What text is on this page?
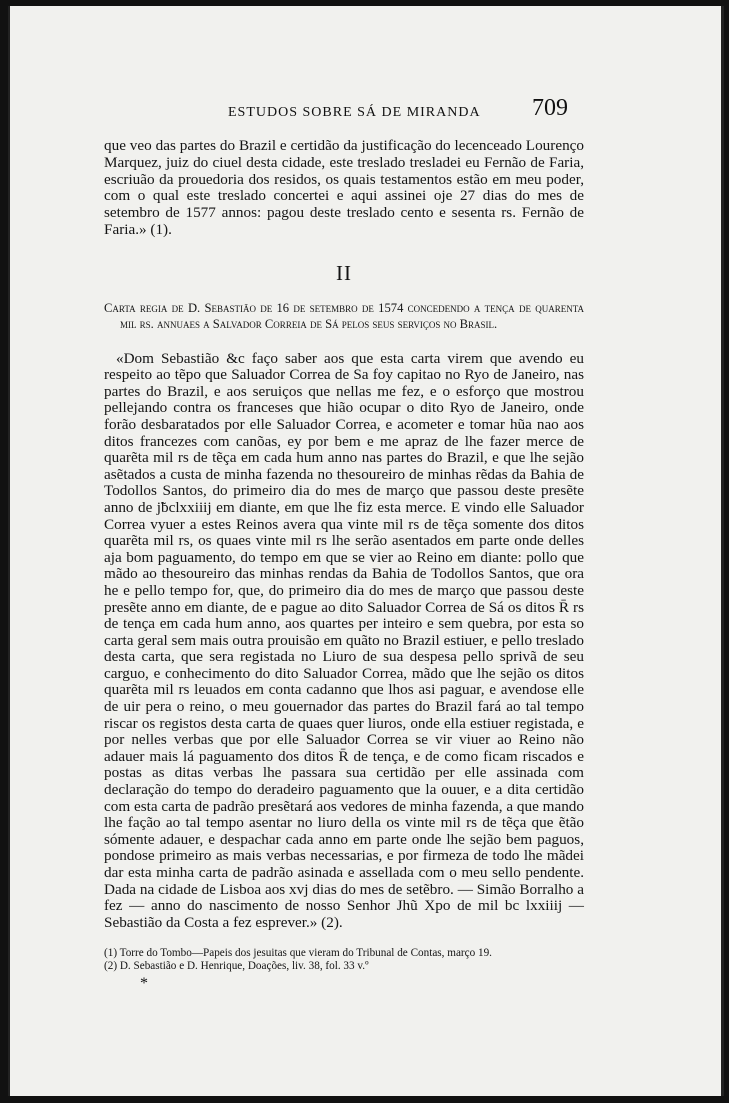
ESTUDOS SOBRE SÁ DE MIRANDA 709

que veo das partes do Brazil e certidão da justificação do lecenceado Lourenço Marquez, juiz do ciuel desta cidade, este treslado tresladei eu Fernão de Faria, escriuão da prouedoria dos residos, os quais testamentos estão em meu poder, com o qual este treslado concertei e aqui assinei oje 27 dias do mes de setembro de 1577 annos: pagou deste treslado cento e sesenta rs. Fernão de Faria.» (1).

II

Carta regia de D. Sebastião de 16 de setembro de 1574 concedendo a tença de quarenta mil rs. annuaes a Salvador Correia de Sá pelos seus serviços no Brasil.

«Dom Sebastião &c faço saber aos que esta carta virem que avendo eu respeito ao tẽpo que Saluador Correa de Sa foy capitao no Ryo de Janeiro, nas partes do Brazil, e aos seruiços que nellas me fez, e o esforço que mostrou pellejando contra os franceses que hião ocupar o dito Ryo de Janeiro, onde forão desbaratados por elle Saluador Correa, e acometer e tomar hũa nao aos ditos francezes com canõas, ey por bem e me apraz de lhe fazer merce de quarẽta mil rs de tẽça em cada hum anno nas partes do Brazil, e que lhe sejão asẽtados a custa de minha fazenda no thesoureiro de minhas rẽdas da Bahia de Todollos Santos, do primeiro dia do mes de março que passou deste presẽte anno de ј̃bclxxiiij em diante, em que lhe fiz esta merce. E vindo elle Saluador Correa vyuer a estes Reinos avera qua vinte mil rs de tẽça somente dos ditos quarẽta mil rs, os quaes vinte mil rs lhe serão asentados em parte onde delles aja bom paguamento, do tempo em que se vier ao Reino em diante: pollo que mãdo ao thesoureiro das minhas rendas da Bahia de Todollos Santos, que ora he e pello tempo for, que, do primeiro dia do mes de março que passou deste presẽte anno em diante, de e pague ao dito Saluador Correa de Sá os ditos R̄ rs de tença em cada hum anno, aos quartes per inteiro e sem quebra, por esta so carta geral sem mais outra prouisão em quãto no Brazil estiuer, e pello treslado desta carta, que sera registada no Liuro de sua despesa pello sprivã de seu carguo, e conhecimento do dito Saluador Correa, mãdo que lhe sejão os ditos quarẽta mil rs leuados em conta cadanno que lhos asi paguar, e avendose elle de uir pera o reino, o meu gouernador das partes do Brazil fará ao tal tempo riscar os registos desta carta de quaes quer liuros, onde ella estiuer registada, e por nelles verbas que por elle Saluador Correa se vir viuer ao Reino não adauer mais lá paguamento dos ditos R̄ de tença, e de como ficam riscados e postas as ditas verbas lhe passara sua certidão per elle assinada com declaração do tempo do deradeiro paguamento que la ouuer, e a dita certidão com esta carta de padrão presẽtará aos vedores de minha fazenda, a que mando lhe fação ao tal tempo asentar no liuro della os vinte mil rs de tẽça que ẽtão sómente adauer, e despachar cada anno em parte onde lhe sejão bem paguos, pondose primeiro as mais verbas necessarias, e por firmeza de todo lhe mãdei dar esta minha carta de padrão asinada e assellada com o meu sello pendente. Dada na cidade de Lisboa aos xvj dias do mes de setẽbro. — Simão Borralho a fez — anno do nascimento de nosso Senhor Jhũ Xpo de mil bc lxxiiij — Sebastião da Costa a fez esprever.» (2).

(1) Torre do Tombo—Papeis dos jesuitas que vieram do Tribunal de Contas, março 19.

(2) D. Sebastião e D. Henrique, Doações, liv. 38, fol. 33 v.º

*
